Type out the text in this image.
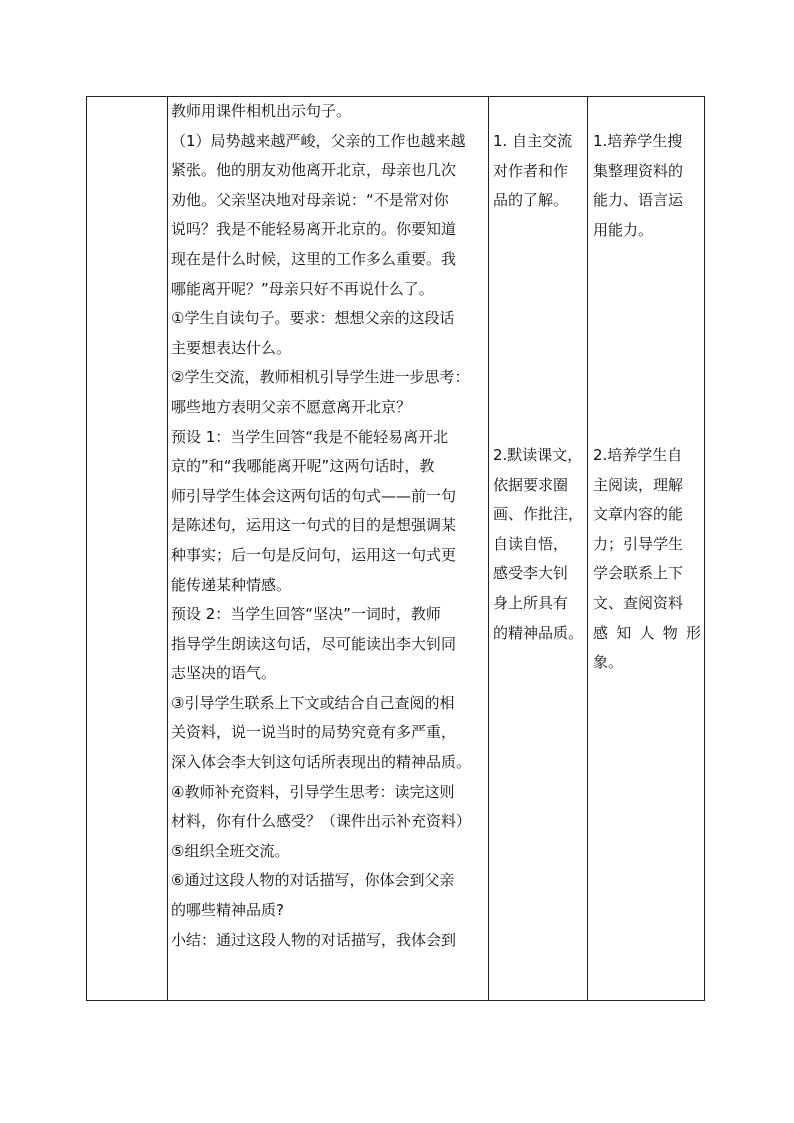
教师用课件相机出示句子。
（1）局势越来越严峻，父亲的工作也越来越
紧张。他的朋友劝他离开北京，母亲也几次
劝他。父亲坚决地对母亲说：“不是常对你
说吗？我是不能轻易离开北京的。你要知道
现在是什么时候，这里的工作多么重要。我
哪能离开呢？”母亲只好不再说什么了。
①学生自读句子。要求：想想父亲的这段话
主要想表达什么。
②学生交流，教师相机引导学生进一步思考：
哪些地方表明父亲不愿意离开北京？
预设 1：当学生回答“我是不能轻易离开北
京的”和“我哪能离开呢”这两句话时，教
师引导学生体会这两句话的句式——前一句
是陈述句，运用这一句式的目的是想强调某
种事实；后一句是反问句，运用这一句式更
能传递某种情感。
预设 2：当学生回答“坚决”一词时，教师
指导学生朗读这句话，尽可能读出李大钊同
志坚决的语气。
③引导学生联系上下文或结合自己查阅的相
关资料，说一说当时的局势究竟有多严重，
深入体会李大钊这句话所表现出的精神品质。
④教师补充资料，引导学生思考：读完这则
材料，你有什么感受？（课件出示补充资料）
⑤组织全班交流。
⑥通过这段人物的对话描写，你体会到父亲
的哪些精神品质?
小结：通过这段人物的对话描写，我体会到
1. 自主交流
对作者和作
品的了解。
1.培养学生搜
集整理资料的
能力、语言运
用能力。
2.默读课文，
依据要求圈
画、作批注，
自读自悟，
感受李大钊
身上所具有
的精神品质。
2.培养学生自
主阅读，理解
文章内容的能
力；引导学生
学会联系上下
文、查阅资料
感知人物形
象。
